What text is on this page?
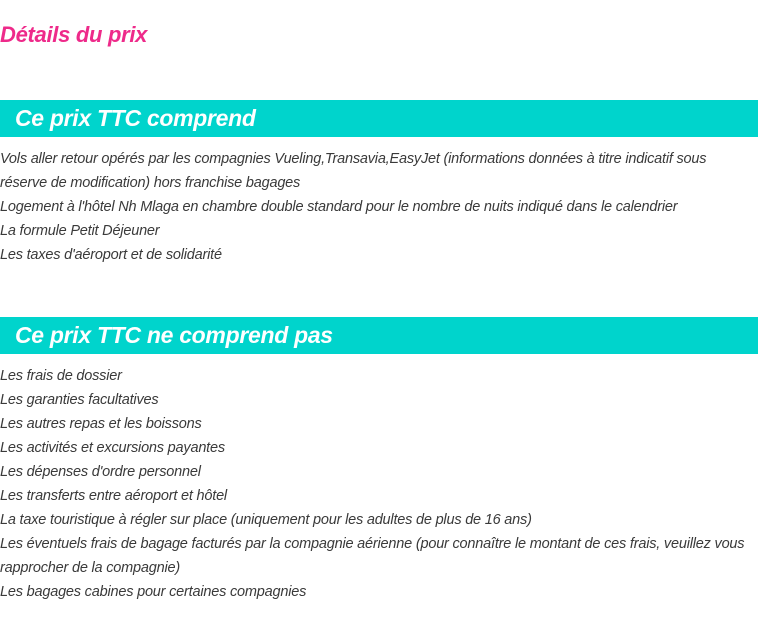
Détails du prix
Ce prix TTC comprend
Vols aller retour opérés par les compagnies Vueling,Transavia,EasyJet (informations données à titre indicatif sous réserve de modification) hors franchise bagages
Logement à l'hôtel Nh Mlaga en chambre double standard pour le nombre de nuits indiqué dans le calendrier
La formule Petit Déjeuner
Les taxes d'aéroport et de solidarité
Ce prix TTC ne comprend pas
Les frais de dossier
Les garanties facultatives
Les autres repas et les boissons
Les activités et excursions payantes
Les dépenses d'ordre personnel
Les transferts entre aéroport et hôtel
La taxe touristique à régler sur place (uniquement pour les adultes de plus de 16 ans)
Les éventuels frais de bagage facturés par la compagnie aérienne (pour connaître le montant de ces frais, veuillez vous rapprocher de la compagnie)
Les bagages cabines pour certaines compagnies
